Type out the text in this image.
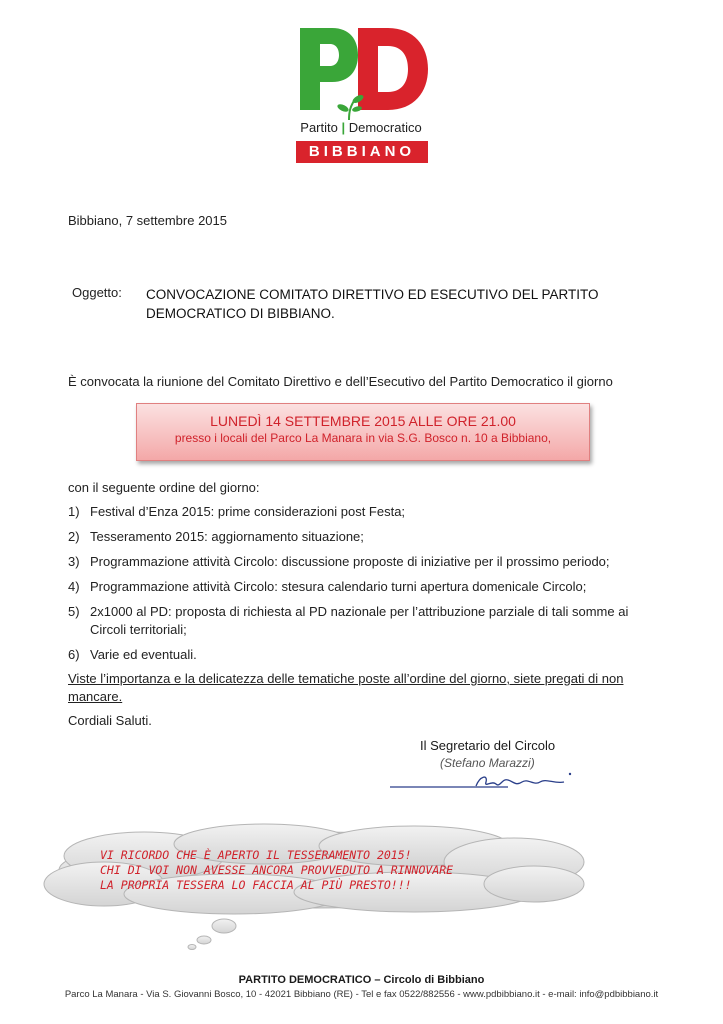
Partito | Democratico
BIBBIANO
Bibbiano, 7 settembre 2015
Oggetto: CONVOCAZIONE COMITATO DIRETTIVO ED ESECUTIVO DEL PARTITO DEMOCRATICO DI BIBBIANO.
È convocata la riunione del Comitato Direttivo e dell’Esecutivo del Partito Democratico il giorno
LUNEDÌ 14 SETTEMBRE 2015 ALLE ORE 21.00
presso i locali del Parco La Manara in via S.G. Bosco n. 10 a Bibbiano,
con il seguente ordine del giorno:
1) Festival d’Enza 2015: prime considerazioni post Festa;
2) Tesseramento 2015: aggiornamento situazione;
3) Programmazione attività Circolo: discussione proposte di iniziative per il prossimo periodo;
4) Programmazione attività Circolo: stesura calendario turni apertura domenicale Circolo;
5) 2x1000 al PD: proposta di richiesta al PD nazionale per l’attribuzione parziale di tali somme ai Circoli territoriali;
6) Varie ed eventuali.
Viste l’importanza e la delicatezza delle tematiche poste all’ordine del giorno, siete pregati di non mancare.
Cordiali Saluti.
Il Segretario del Circolo
(Stefano Marazzi)
VI RICORDO CHE È APERTO IL TESSERAMENTO 2015!
CHI DI VOI NON AVESSE ANCORA PROVVEDUTO A RINNOVARE
LA PROPRIA TESSERA LO FACCIA AL PIÙ PRESTO!!!
PARTITO DEMOCRATICO – Circolo di Bibbiano
Parco La Manara - Via S. Giovanni Bosco, 10 - 42021 Bibbiano (RE) - Tel e fax 0522/882556 - www.pdbibbiano.it - e-mail: info@pdbibbiano.it
